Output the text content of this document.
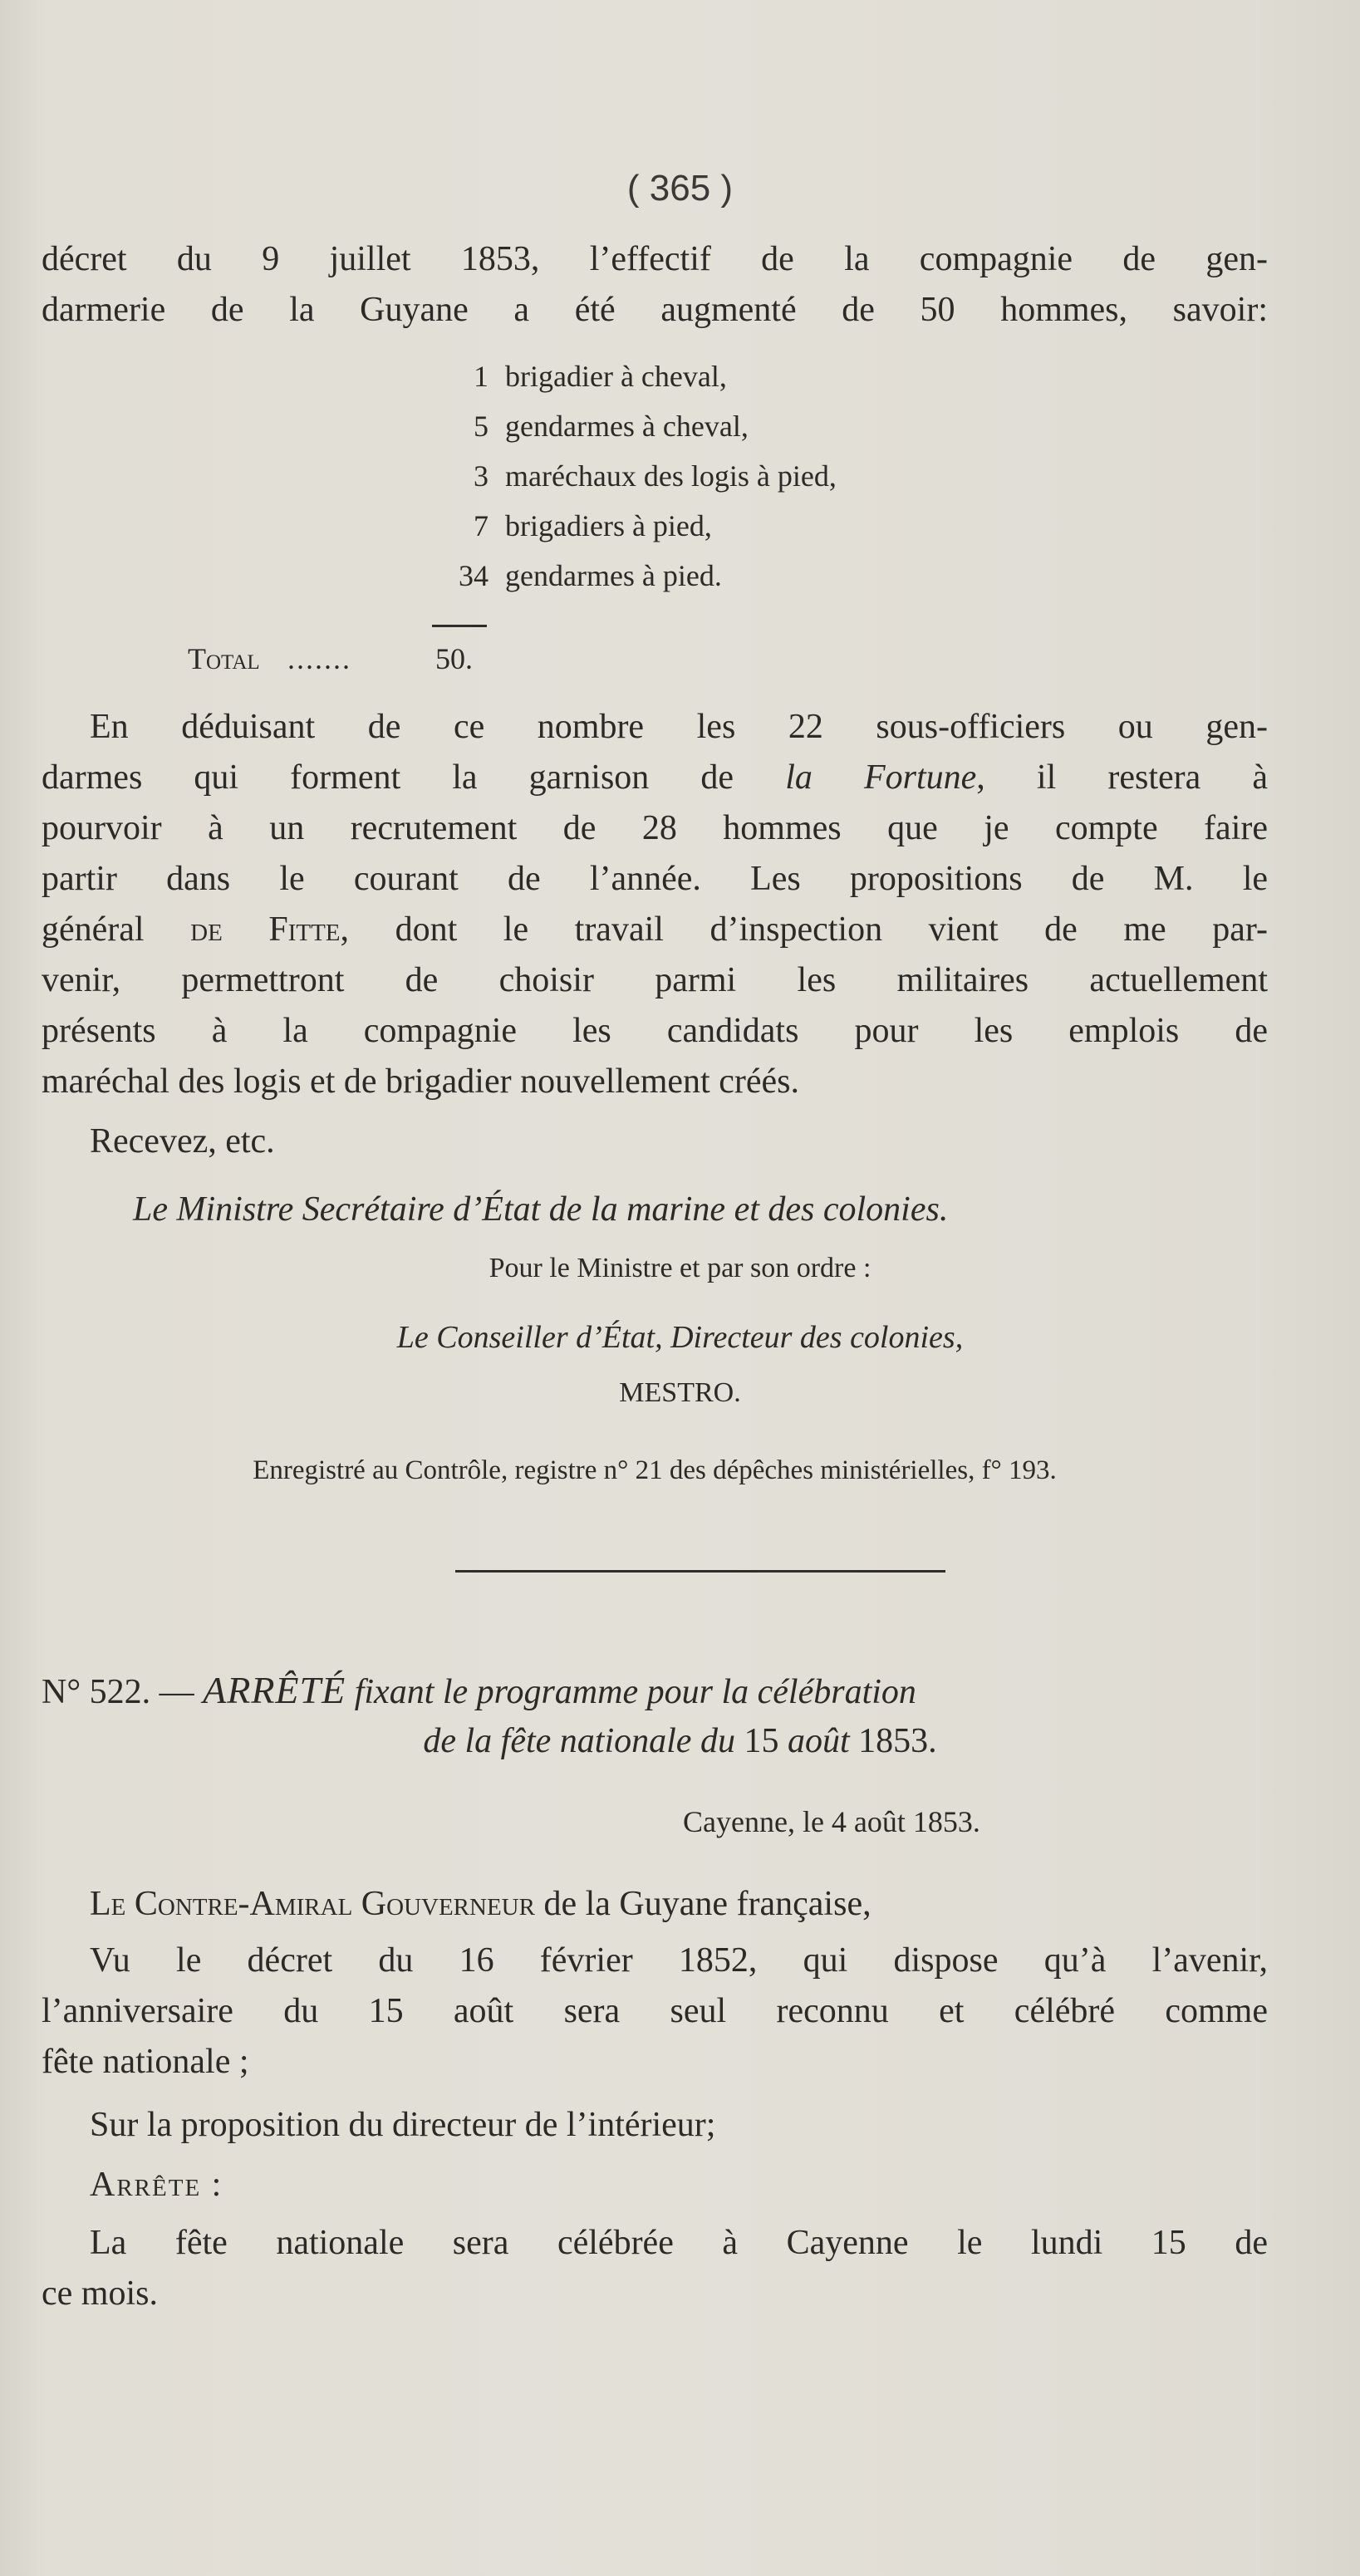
( 365 )
décret du 9 juillet 1853, l’effectif de la compagnie de gen-
darmerie de la Guyane a été augmenté de 50 hommes, savoir:
1 brigadier à cheval,
5 gendarmes à cheval,
3 maréchaux des logis à pied,
7 brigadiers à pied,
34 gendarmes à pied.
Total .......	50.
En déduisant de ce nombre les 22 sous-officiers ou gen-
darmes qui forment la garnison de la Fortune, il restera à
pourvoir à un recrutement de 28 hommes que je compte faire
partir dans le courant de l’année. Les propositions de M. le
général de Fitte, dont le travail d’inspection vient de me par-
venir, permettront de choisir parmi les militaires actuellement
présents à la compagnie les candidats pour les emplois de
maréchal des logis et de brigadier nouvellement créés.
Recevez, etc.
Le Ministre Secrétaire d’État de la marine et des colonies.
Pour le Ministre et par son ordre :
Le Conseiller d’État, Directeur des colonies,
MESTRO.
Enregistré au Contrôle, registre n° 21 des dépêches ministérielles, f° 193.
N° 522. — ARRÊTÉ fixant le programme pour la célébration
de la fête nationale du 15 août 1853.
Cayenne, le 4 août 1853.
Le Contre-Amiral Gouverneur de la Guyane française,
Vu le décret du 16 février 1852, qui dispose qu’à l’avenir,
l’anniversaire du 15 août sera seul reconnu et célébré comme
fête nationale ;
Sur la proposition du directeur de l’intérieur;
Arrête :
La fête nationale sera célébrée à Cayenne le lundi 15 de
ce mois.
